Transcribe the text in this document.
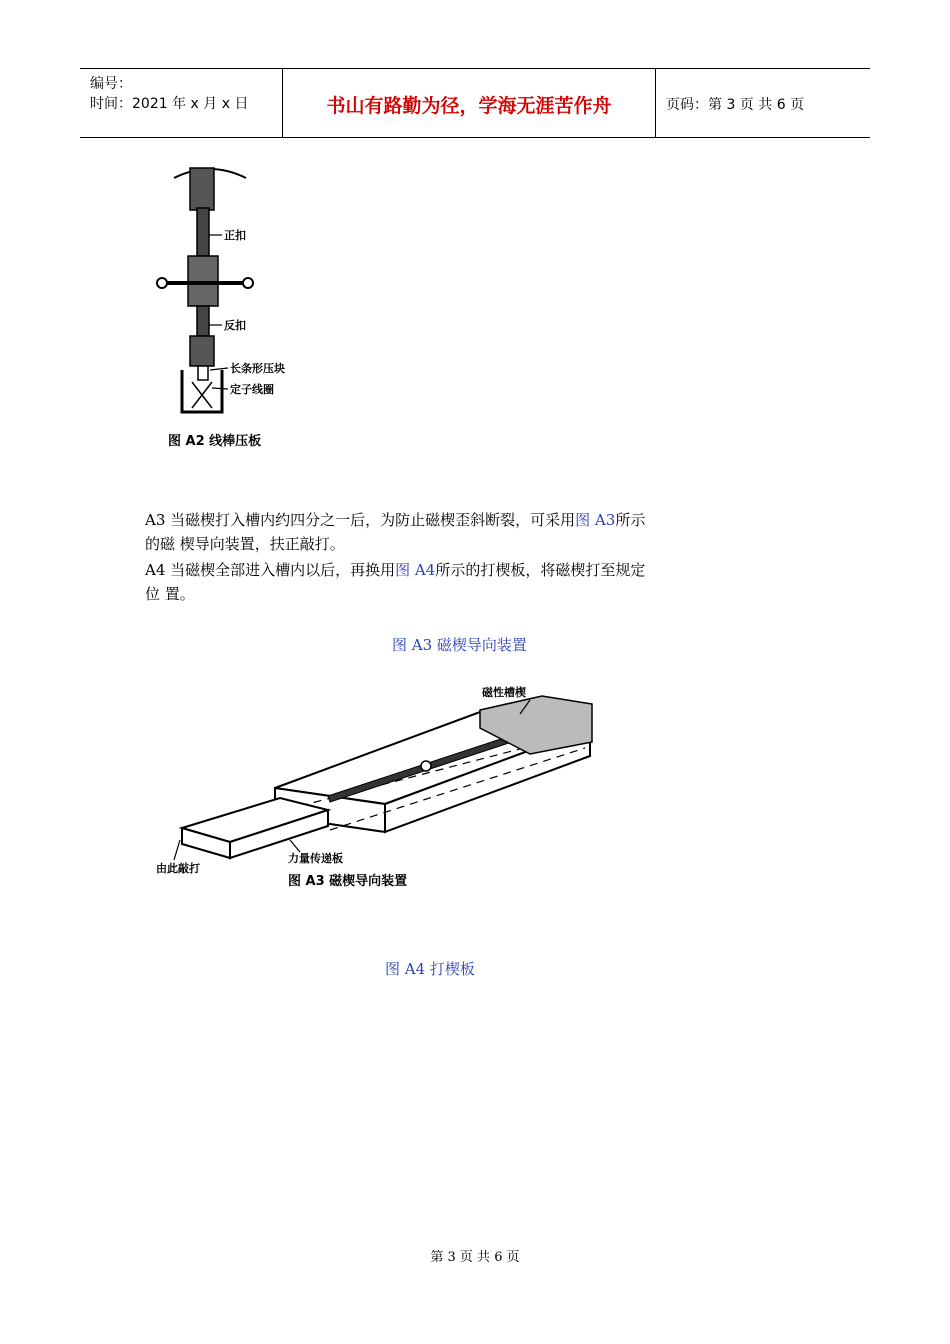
编号：
时间：2021 年 x 月 x 日	书山有路勤为径，学海无涯苦作舟	页码：第 3 页 共 6 页
正扣
反扣
长条形压块
定子线圈
图 A2 线棒压板
A3 当磁楔打入槽内约四分之一后，为防止磁楔歪斜断裂，可采用图 A3所示
的磁 楔导向装置，扶正敲打。
A4 当磁楔全部进入槽内以后，再换用图 A4所示的打楔板，将磁楔打至规定
位 置。
图 A3 磁楔导向装置
磁性槽楔
力量传递板
由此敲打
图 A3 磁楔导向装置
图 A4 打楔板
第 3 页 共 6 页
